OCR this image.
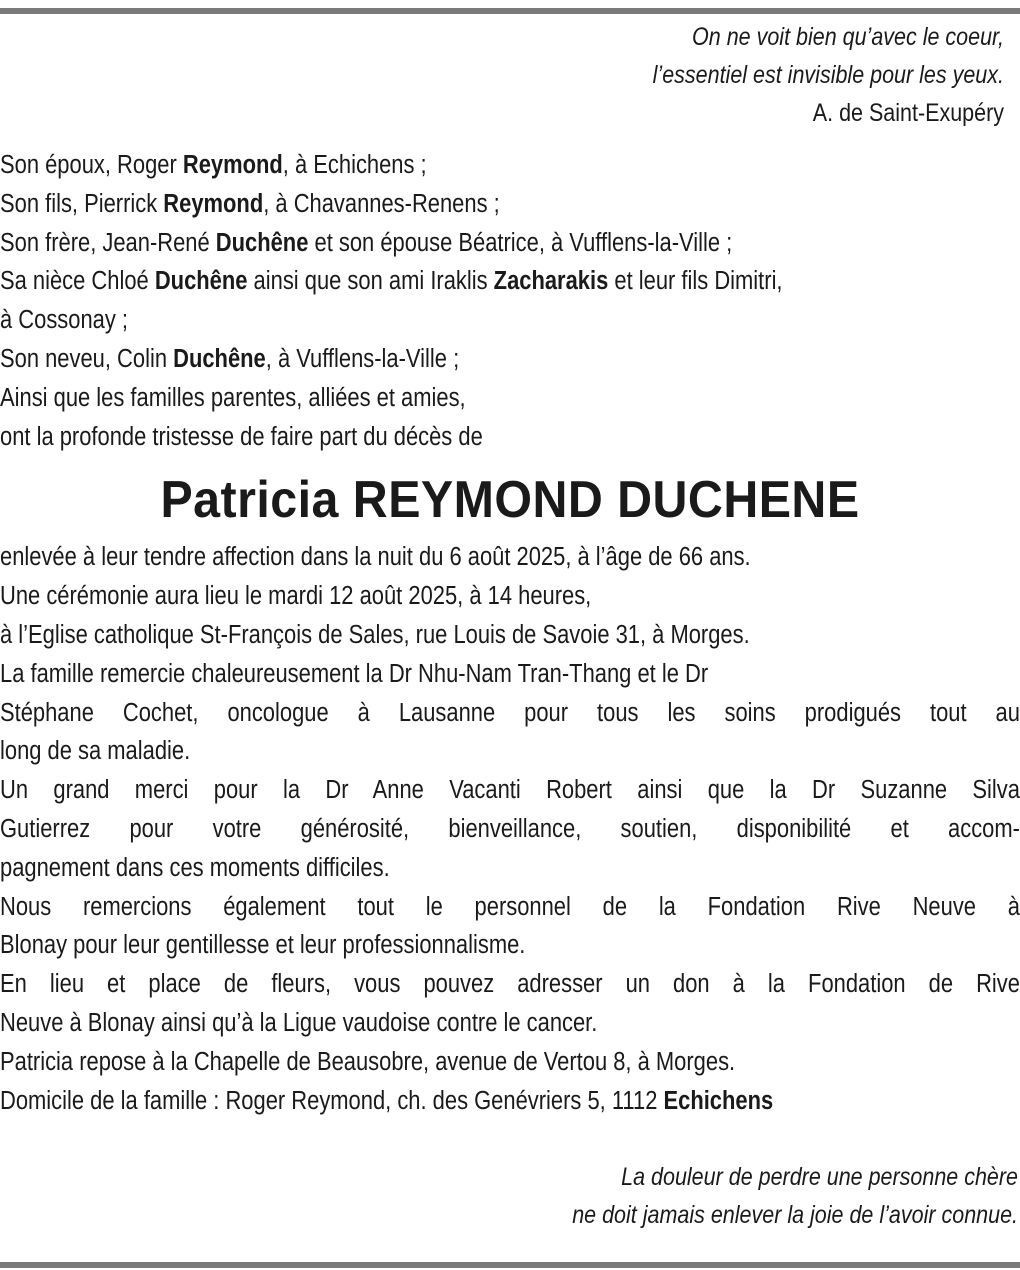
On ne voit bien qu’avec le coeur,
l’essentiel est invisible pour les yeux.
A. de Saint-Exupéry
Son époux, Roger Reymond, à Echichens ;
Son fils, Pierrick Reymond, à Chavannes-Renens ;
Son frère, Jean-René Duchêne et son épouse Béatrice, à Vufflens-la-Ville ;
Sa nièce Chloé Duchêne ainsi que son ami Iraklis Zacharakis et leur fils Dimitri,
à Cossonay ;
Son neveu, Colin Duchêne, à Vufflens-la-Ville ;
Ainsi que les familles parentes, alliées et amies,
ont la profonde tristesse de faire part du décès de
Patricia REYMOND DUCHENE
enlevée à leur tendre affection dans la nuit du 6 août 2025, à l’âge de 66 ans.
Une cérémonie aura lieu le mardi 12 août 2025, à 14 heures,
à l’Eglise catholique St-François de Sales, rue Louis de Savoie 31, à Morges.
La famille remercie chaleureusement la Dr Nhu-Nam Tran-Thang et le Dr
Stéphane Cochet, oncologue à Lausanne pour tous les soins prodigués tout au
long de sa maladie.
Un grand merci pour la Dr Anne Vacanti Robert ainsi que la Dr Suzanne Silva
Gutierrez pour votre générosité, bienveillance, soutien, disponibilité et accom-
pagnement dans ces moments difficiles.
Nous remercions également tout le personnel de la Fondation Rive Neuve à
Blonay pour leur gentillesse et leur professionnalisme.
En lieu et place de fleurs, vous pouvez adresser un don à la Fondation de Rive
Neuve à Blonay ainsi qu’à la Ligue vaudoise contre le cancer.
Patricia repose à la Chapelle de Beausobre, avenue de Vertou 8, à Morges.
Domicile de la famille : Roger Reymond, ch. des Genévriers 5, 1112 Echichens
La douleur de perdre une personne chère
ne doit jamais enlever la joie de l’avoir connue.
